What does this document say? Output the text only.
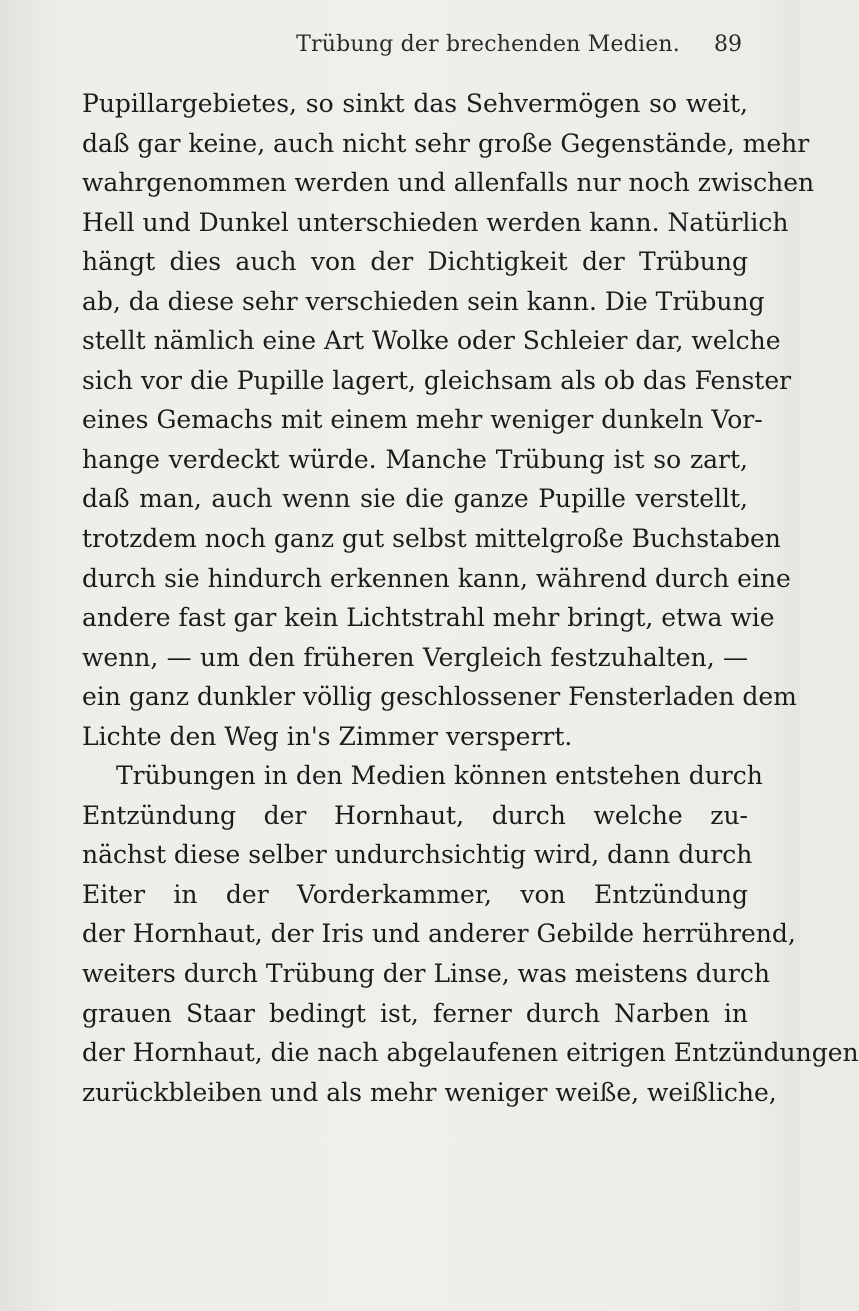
Trübung der brechenden Medien. 89
Pupillargebietes, so sinkt das Sehvermögen so weit,
daß gar keine, auch nicht sehr große Gegenstände, mehr
wahrgenommen werden und allenfalls nur noch zwischen
Hell und Dunkel unterschieden werden kann. Natürlich
hängt dies auch von der Dichtigkeit der Trübung
ab, da diese sehr verschieden sein kann. Die Trübung
stellt nämlich eine Art Wolke oder Schleier dar, welche
sich vor die Pupille lagert, gleichsam als ob das Fenster
eines Gemachs mit einem mehr weniger dunkeln Vor-
hange verdeckt würde. Manche Trübung ist so zart,
daß man, auch wenn sie die ganze Pupille verstellt,
trotzdem noch ganz gut selbst mittelgroße Buchstaben
durch sie hindurch erkennen kann, während durch eine
andere fast gar kein Lichtstrahl mehr bringt, etwa wie
wenn, — um den früheren Vergleich festzuhalten, —
ein ganz dunkler völlig geschlossener Fensterladen dem
Lichte den Weg in's Zimmer versperrt.
Trübungen in den Medien können entstehen durch
Entzündung der Hornhaut, durch welche zu-
nächst diese selber undurchsichtig wird, dann durch
Eiter in der Vorderkammer, von Entzündung
der Hornhaut, der Iris und anderer Gebilde herrührend,
weiters durch Trübung der Linse, was meistens durch
grauen Staar bedingt ist, ferner durch Narben in
der Hornhaut, die nach abgelaufenen eitrigen Entzündungen
zurückbleiben und als mehr weniger weiße, weißliche,
